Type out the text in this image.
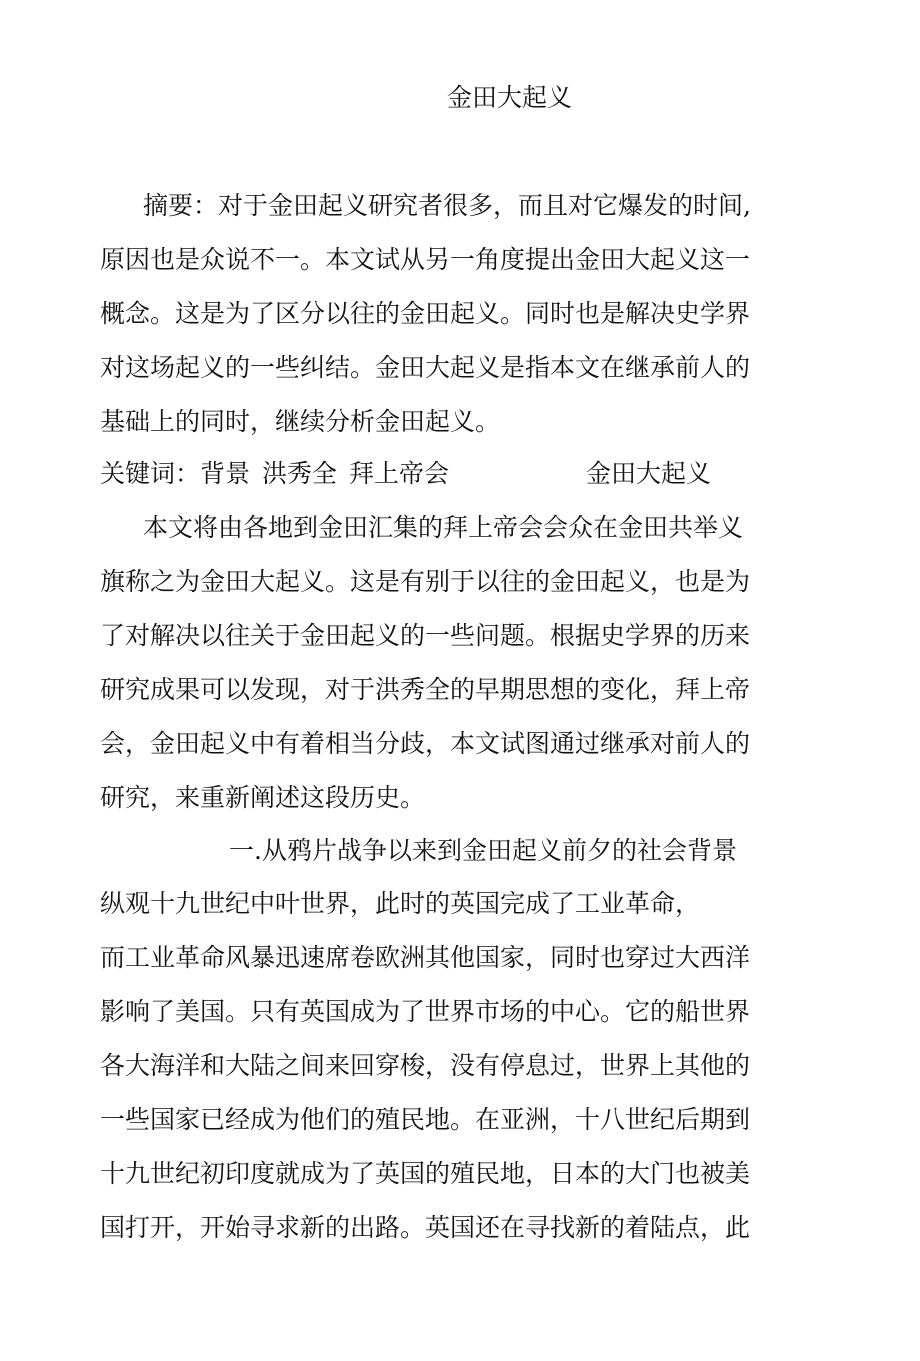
金田大起义
摘要：对于金田起义研究者很多，而且对它爆发的时间,
原因也是众说不一。本文试从另一角度提出金田大起义这一
概念。这是为了区分以往的金田起义。同时也是解决史学界
对这场起义的一些纠结。金田大起义是指本文在继承前人的
基础上的同时，继续分析金田起义。
关键词： 背景 洪秀全 拜上帝会	金田大起义
本文将由各地到金田汇集的拜上帝会会众在金田共举义
旗称之为金田大起义。这是有别于以往的金田起义，也是为
了对解决以往关于金田起义的一些问题。根据史学界的历来
研究成果可以发现，对于洪秀全的早期思想的变化，拜上帝
会，金田起义中有着相当分歧，本文试图通过继承对前人的
研究，来重新阐述这段历史。
一.从鸦片战争以来到金田起义前夕的社会背景
纵观十九世纪中叶世界，此时的英国完成了工业革命，
而工业革命风暴迅速席卷欧洲其他国家，同时也穿过大西洋
影响了美国。只有英国成为了世界市场的中心。它的船世界
各大海洋和大陆之间来回穿梭，没有停息过，世界上其他的
一些国家已经成为他们的殖民地。在亚洲，十八世纪后期到
十九世纪初印度就成为了英国的殖民地，日本的大门也被美
国打开，开始寻求新的出路。英国还在寻找新的着陆点，此
